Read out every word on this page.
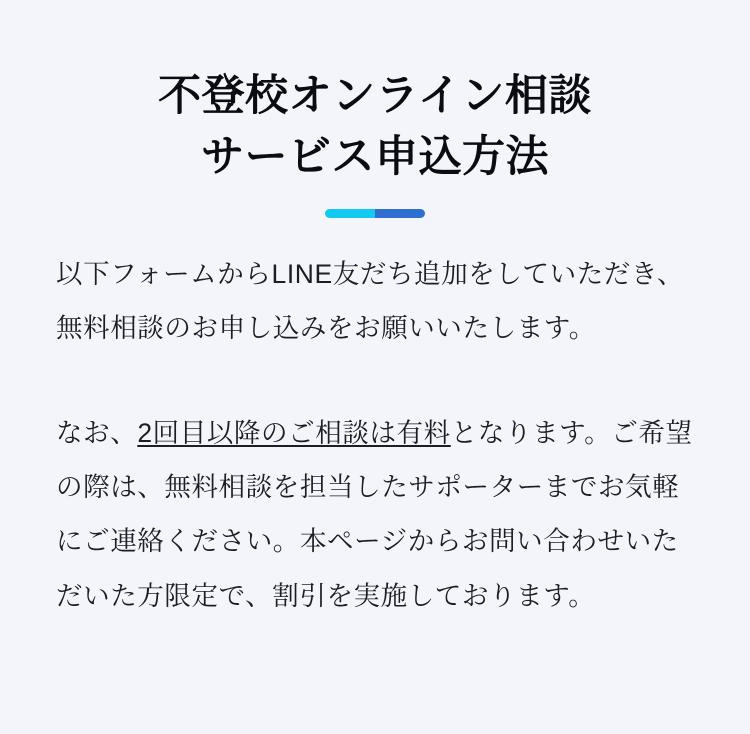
不登校オンライン相談
サービス申込方法

以下フォームからLINE友だち追加をしていただき、無料相談のお申し込みをお願いいたします。

なお、2回目以降のご相談は有料となります。ご希望の際は、無料相談を担当したサポーターまでお気軽にご連絡ください。本ページからお問い合わせいただいた方限定で、割引を実施しております。
